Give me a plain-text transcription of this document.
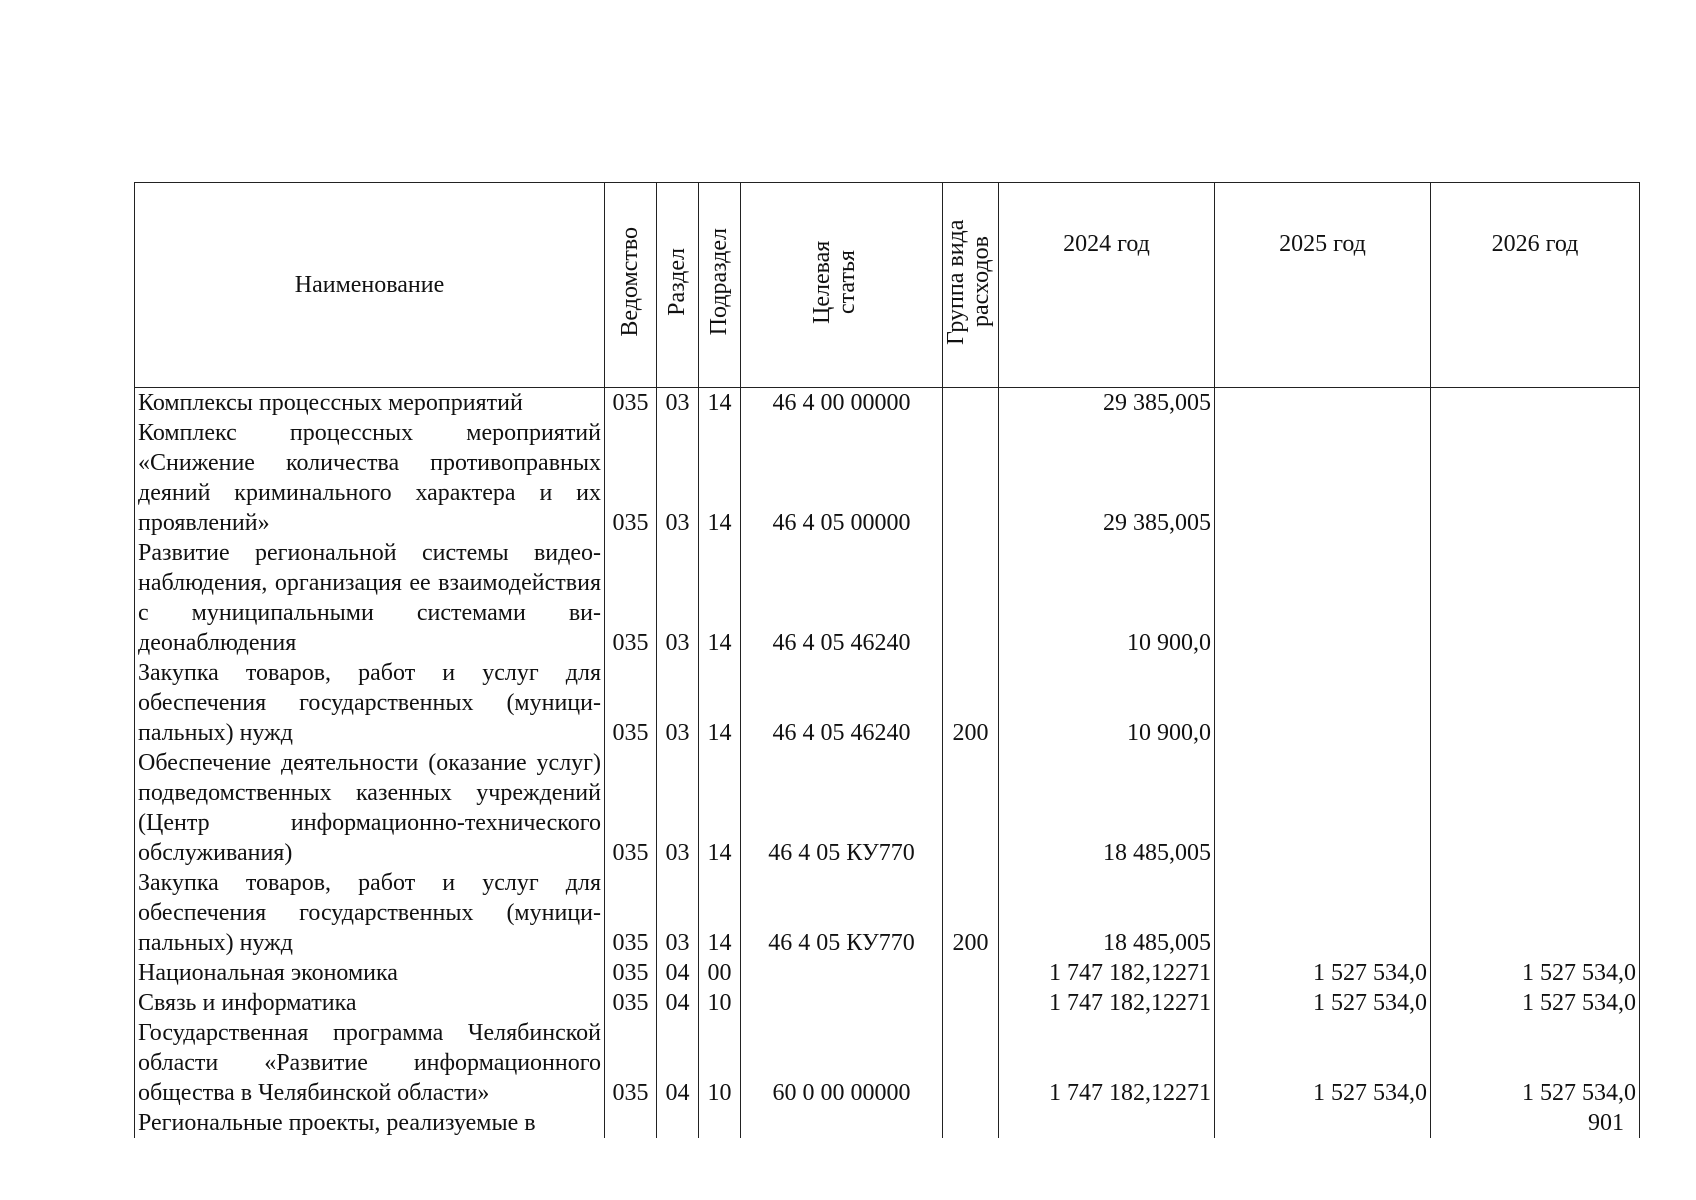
Наименование	Ведомство	Раздел	Подраздел	Целевая статья	Группа вида расходов	2024 год	2025 год	2026 год
Комплексы процессных мероприятий	035	03	14	46 4 00 00000		29 385,005		
Комплекс процессных мероприятий «Снижение количества противоправных деяний криминального характера и их проявлений»	035	03	14	46 4 05 00000		29 385,005		
Развитие региональной системы видеонаблюдения, организация ее взаимодействия с муниципальными системами видеонаблюдения	035	03	14	46 4 05 46240		10 900,0		
Закупка товаров, работ и услуг для обеспечения государственных (муниципальных) нужд	035	03	14	46 4 05 46240	200	10 900,0		
Обеспечение деятельности (оказание услуг) подведомственных казенных учреждений (Центр информационно-технического обслуживания)	035	03	14	46 4 05 КУ770		18 485,005		
Закупка товаров, работ и услуг для обеспечения государственных (муниципальных) нужд	035	03	14	46 4 05 КУ770	200	18 485,005		
Национальная экономика	035	04	00			1 747 182,12271	1 527 534,0	1 527 534,0
Связь и информатика	035	04	10			1 747 182,12271	1 527 534,0	1 527 534,0
Государственная программа Челябинской области «Развитие информационного общества в Челябинской области»	035	04	10	60 0 00 00000		1 747 182,12271	1 527 534,0	1 527 534,0
Региональные проекты, реализуемые в									901
